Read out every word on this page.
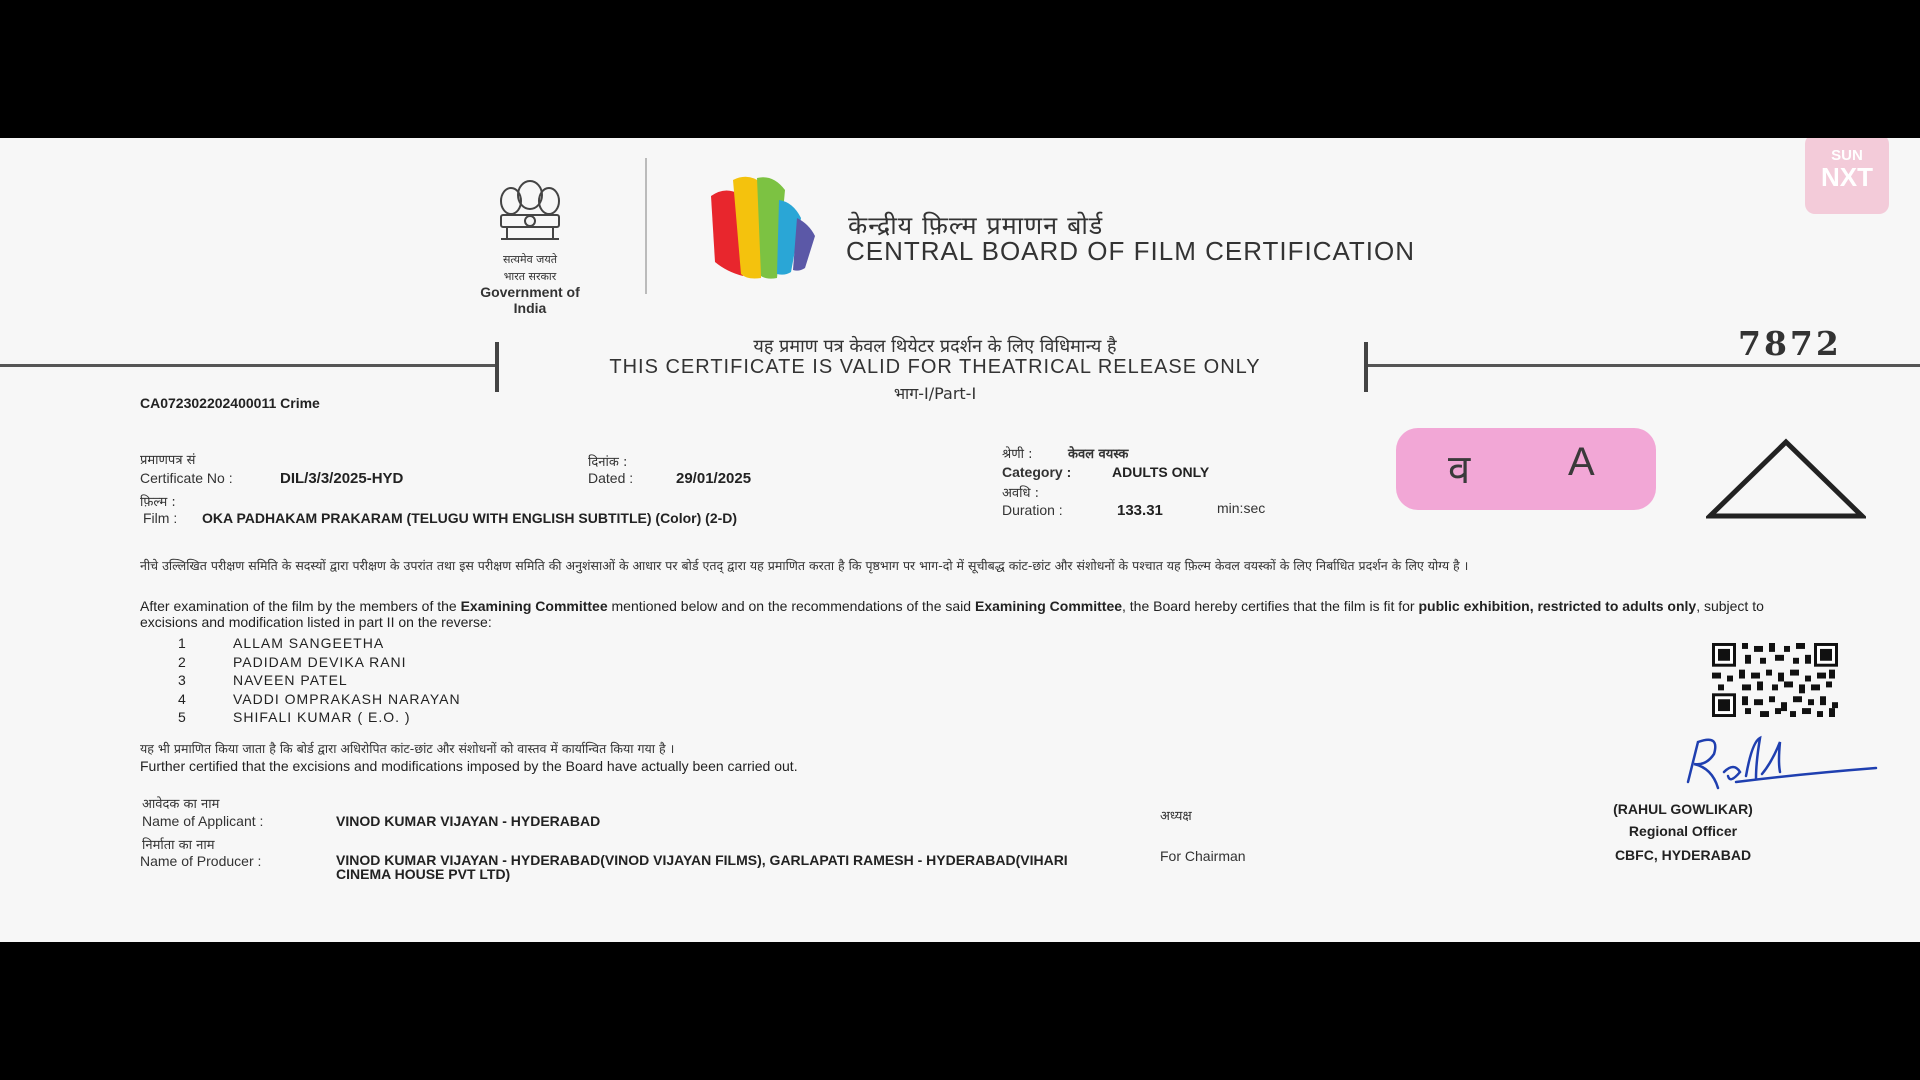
सत्यमेव जयते
भारत सरकार
Government of India
केन्द्रीय फ़िल्म प्रमाणन बोर्ड
CENTRAL BOARD OF FILM CERTIFICATION
SUN
NXT
यह प्रमाण पत्र केवल थियेटर प्रदर्शन के लिए विधिमान्य है
THIS CERTIFICATE IS VALID FOR THEATRICAL RELEASE ONLY
भाग-I/Part-I
7872
CA072302202400011 Crime
प्रमाणपत्र सं
Certificate No :	DIL/3/3/2025-HYD
दिनांक :
Dated :	29/01/2025
फ़िल्म :
Film : OKA PADHAKAM PRAKARAM (TELUGU WITH ENGLISH SUBTITLE) (Color) (2-D)
श्रेणी :	केवल वयस्क
Category :	ADULTS ONLY
अवधि :
Duration :	133.31	min:sec
व A
नीचे उल्लिखित परीक्षण समिति के सदस्यों द्वारा परीक्षण के उपरांत तथा इस परीक्षण समिति की अनुशंसाओं के आधार पर बोर्ड एतद् द्वारा यह प्रमाणित करता है कि पृष्ठभाग पर भाग-दो में सूचीबद्ध कांट-छांट और संशोधनों के पश्चात यह फ़िल्म केवल वयस्कों के लिए निर्बाधित प्रदर्शन के लिए योग्य है ।
After examination of the film by the members of the Examining Committee mentioned below and on the recommendations of the said Examining Committee, the Board hereby certifies that the film is fit for public exhibition, restricted to adults only, subject to excisions and modification listed in part II on the reverse:
1	ALLAM SANGEETHA
2	PADIDAM DEVIKA RANI
3	NAVEEN PATEL
4	VADDI OMPRAKASH NARAYAN
5	SHIFALI KUMAR ( E.O. )
यह भी प्रमाणित किया जाता है कि बोर्ड द्वारा अधिरोपित कांट-छांट और संशोधनों को वास्तव में कार्यान्वित किया गया है ।
Further certified that the excisions and modifications imposed by the Board have actually been carried out.
आवेदक का नाम
Name of Applicant :	VINOD KUMAR VIJAYAN - HYDERABAD
निर्माता का नाम
Name of Producer :	VINOD KUMAR VIJAYAN - HYDERABAD(VINOD VIJAYAN FILMS), GARLAPATI RAMESH - HYDERABAD(VIHARI CINEMA HOUSE PVT LTD)
अध्यक्ष
For Chairman
(RAHUL GOWLIKAR)
Regional Officer
CBFC, HYDERABAD
